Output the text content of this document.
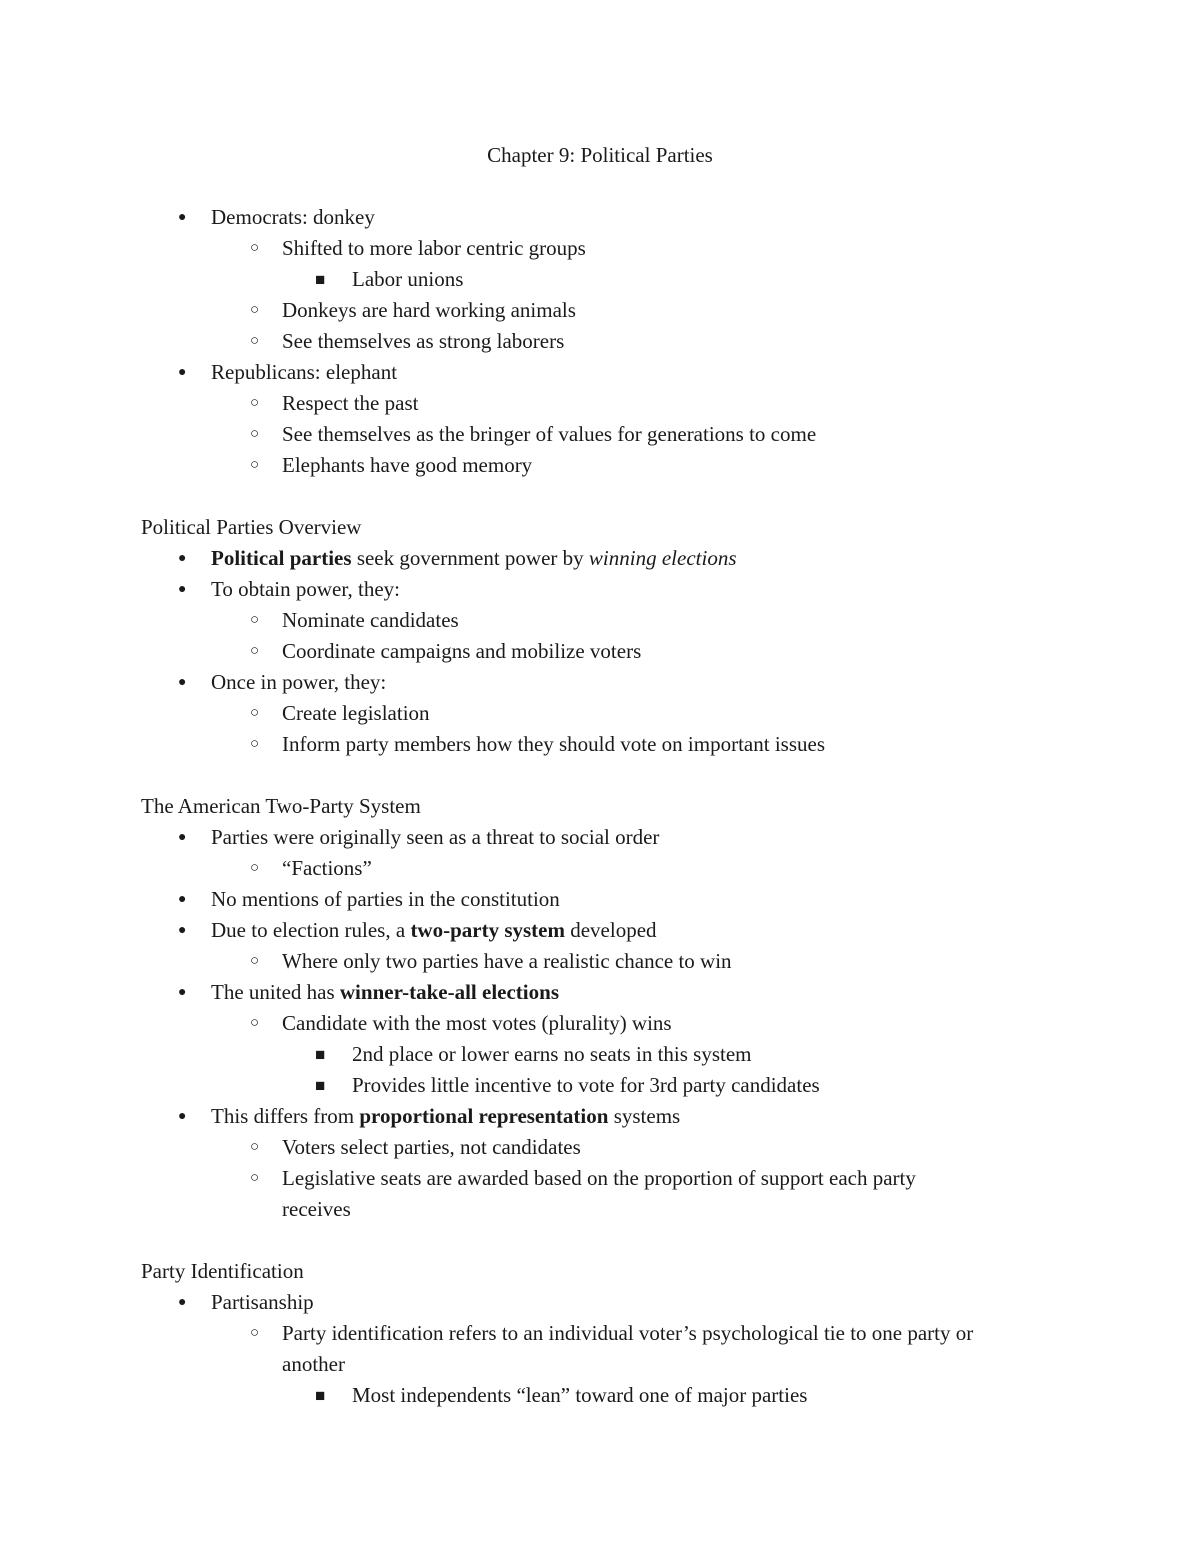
Chapter 9: Political Parties
● Democrats: donkey
○ Shifted to more labor centric groups
■ Labor unions
○ Donkeys are hard working animals
○ See themselves as strong laborers
● Republicans: elephant
○ Respect the past
○ See themselves as the bringer of values for generations to come
○ Elephants have good memory
Political Parties Overview
● Political parties seek government power by winning elections
● To obtain power, they:
○ Nominate candidates
○ Coordinate campaigns and mobilize voters
● Once in power, they:
○ Create legislation
○ Inform party members how they should vote on important issues
The American Two-Party System
● Parties were originally seen as a threat to social order
○ “Factions”
● No mentions of parties in the constitution
● Due to election rules, a two-party system developed
○ Where only two parties have a realistic chance to win
● The united has winner-take-all elections
○ Candidate with the most votes (plurality) wins
■ 2nd place or lower earns no seats in this system
■ Provides little incentive to vote for 3rd party candidates
● This differs from proportional representation systems
○ Voters select parties, not candidates
○ Legislative seats are awarded based on the proportion of support each party
receives
Party Identification
● Partisanship
○ Party identification refers to an individual voter’s psychological tie to one party or
another
■ Most independents “lean” toward one of major parties
